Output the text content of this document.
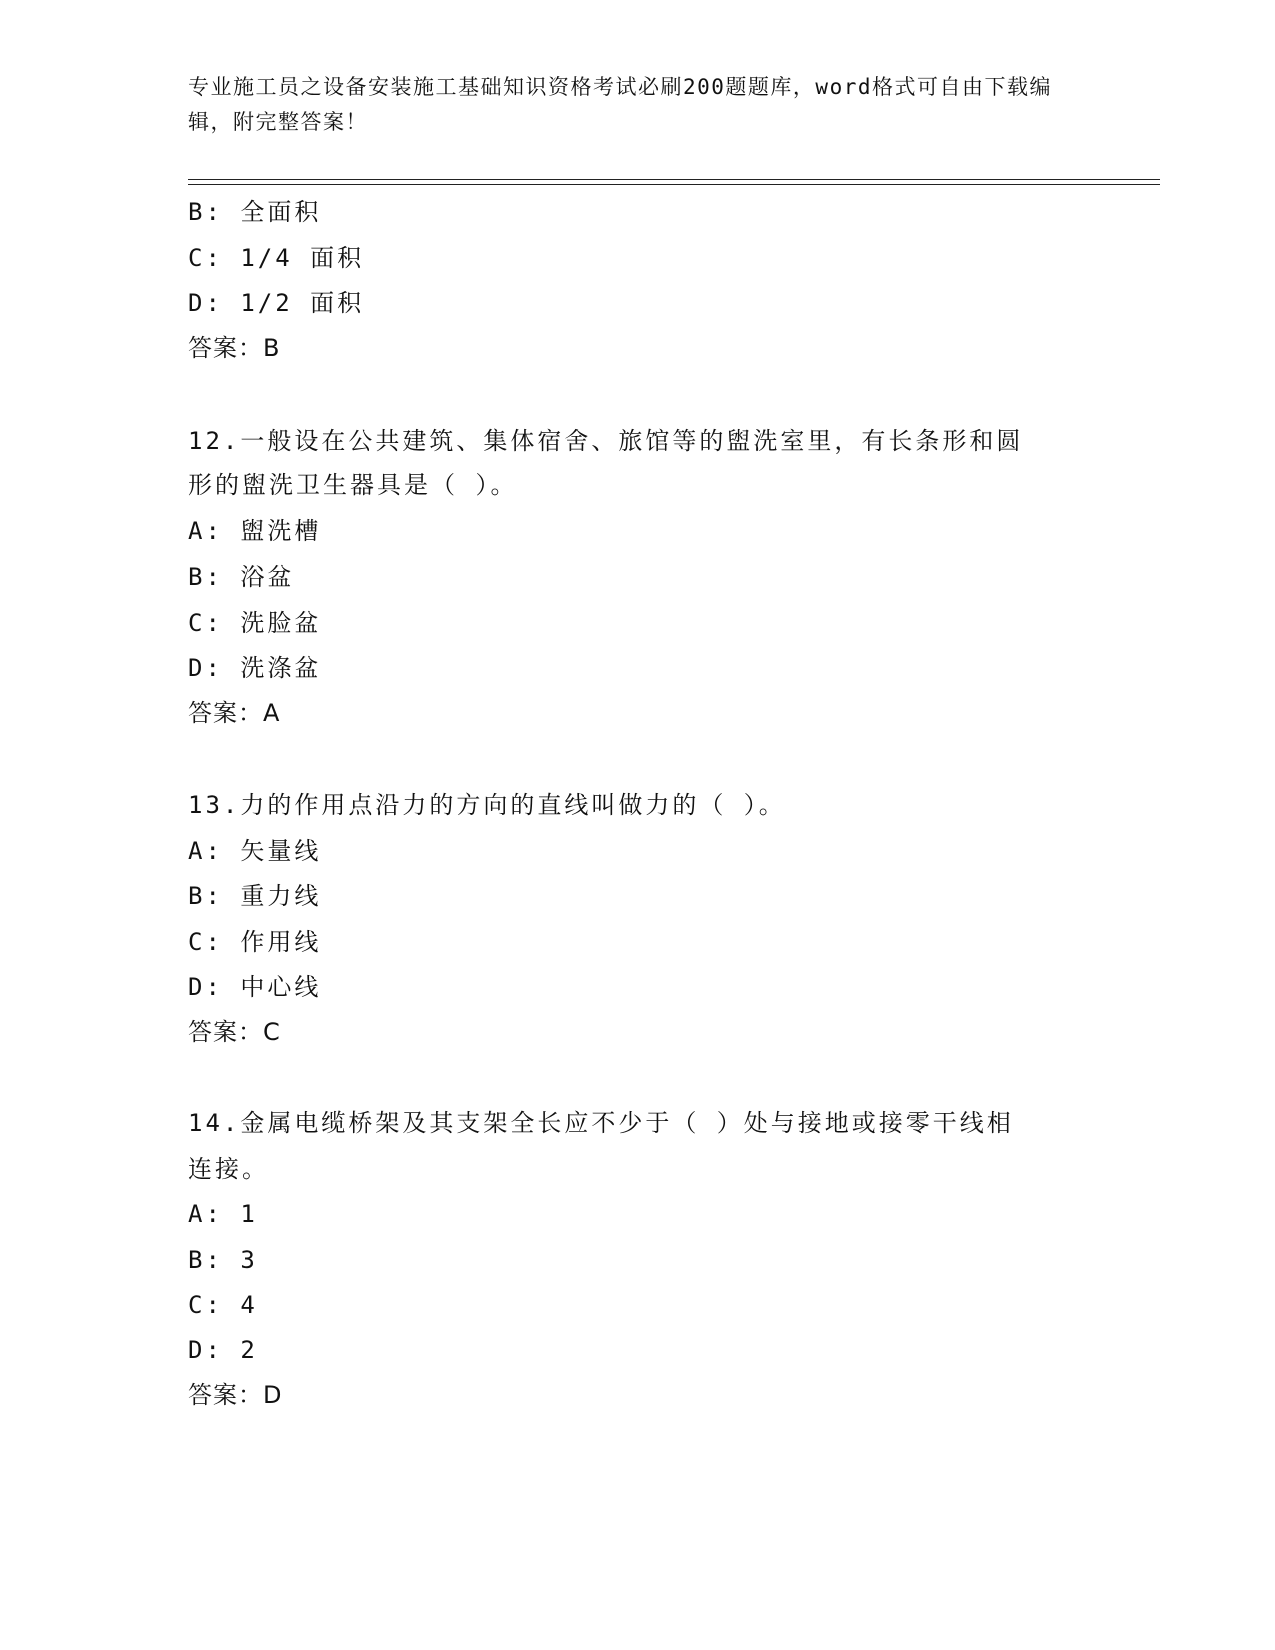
专业施工员之设备安装施工基础知识资格考试必刷200题题库，word格式可自由下载编辑，附完整答案！
B: 全面积
C: 1/4 面积
D: 1/2 面积
答案：B
12.一般设在公共建筑、集体宿舍、旅馆等的盥洗室里，有长条形和圆
形的盥洗卫生器具是（ ）。
A: 盥洗槽
B: 浴盆
C: 洗脸盆
D: 洗涤盆
答案：A
13.力的作用点沿力的方向的直线叫做力的（ ）。
A: 矢量线
B: 重力线
C: 作用线
D: 中心线
答案：C
14.金属电缆桥架及其支架全长应不少于（ ）处与接地或接零干线相
连接。
A: 1
B: 3
C: 4
D: 2
答案：D
